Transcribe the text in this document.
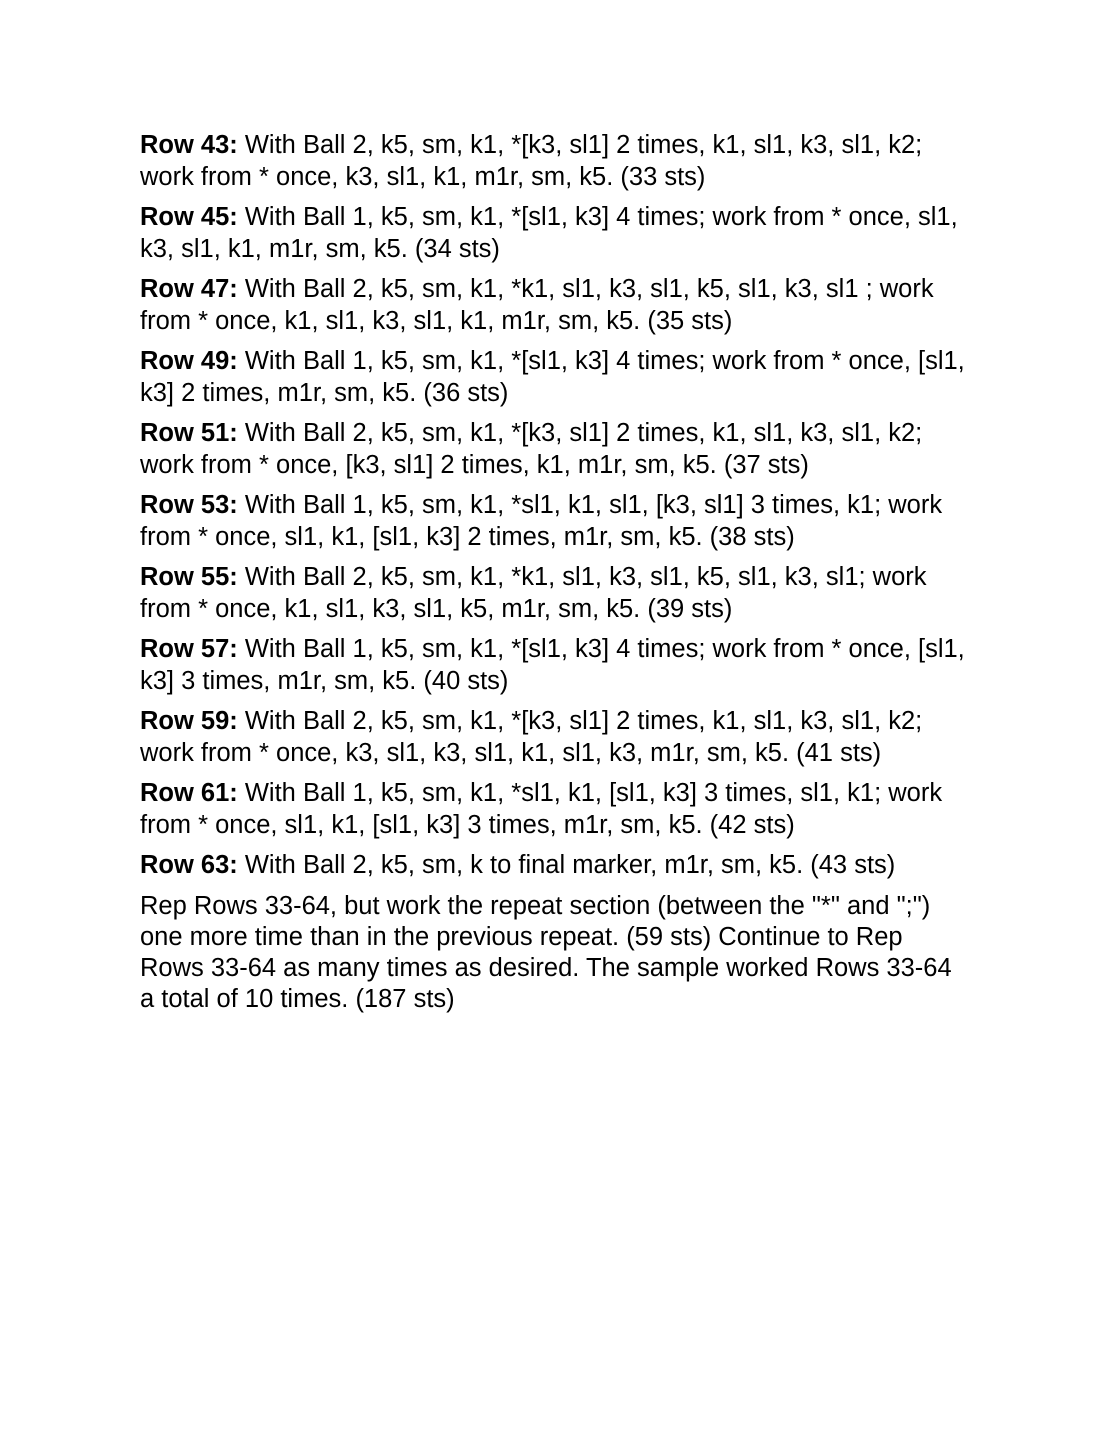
Row 43: With Ball 2, k5, sm, k1, *[k3, sl1] 2 times, k1, sl1, k3, sl1, k2; work from * once, k3, sl1, k1, m1r, sm, k5. (33 sts)

Row 45: With Ball 1, k5, sm, k1, *[sl1, k3] 4 times; work from * once, sl1, k3, sl1, k1, m1r, sm, k5. (34 sts)

Row 47: With Ball 2, k5, sm, k1, *k1, sl1, k3, sl1, k5, sl1, k3, sl1 ; work from * once, k1, sl1, k3, sl1, k1, m1r, sm, k5. (35 sts)

Row 49: With Ball 1, k5, sm, k1, *[sl1, k3] 4 times; work from * once, [sl1, k3] 2 times, m1r, sm, k5. (36 sts)

Row 51: With Ball 2, k5, sm, k1, *[k3, sl1] 2 times, k1, sl1, k3, sl1, k2; work from * once, [k3, sl1] 2 times, k1, m1r, sm, k5. (37 sts)

Row 53: With Ball 1, k5, sm, k1, *sl1, k1, sl1, [k3, sl1] 3 times, k1; work from * once, sl1, k1, [sl1, k3] 2 times, m1r, sm, k5. (38 sts)

Row 55: With Ball 2, k5, sm, k1, *k1, sl1, k3, sl1, k5, sl1, k3, sl1; work from * once, k1, sl1, k3, sl1, k5, m1r, sm, k5. (39 sts)

Row 57: With Ball 1, k5, sm, k1, *[sl1, k3] 4 times; work from * once, [sl1, k3] 3 times, m1r, sm, k5. (40 sts)

Row 59: With Ball 2, k5, sm, k1, *[k3, sl1] 2 times, k1, sl1, k3, sl1, k2; work from * once, k3, sl1, k3, sl1, k1, sl1, k3, m1r, sm, k5. (41 sts)

Row 61: With Ball 1, k5, sm, k1, *sl1, k1, [sl1, k3] 3 times, sl1, k1; work from * once, sl1, k1, [sl1, k3] 3 times, m1r, sm, k5. (42 sts)

Row 63: With Ball 2, k5, sm, k to final marker, m1r, sm, k5. (43 sts)

Rep Rows 33-64, but work the repeat section (between the "*" and ";") one more time than in the previous repeat. (59 sts) Continue to Rep Rows 33-64 as many times as desired. The sample worked Rows 33-64 a total of 10 times. (187 sts)
